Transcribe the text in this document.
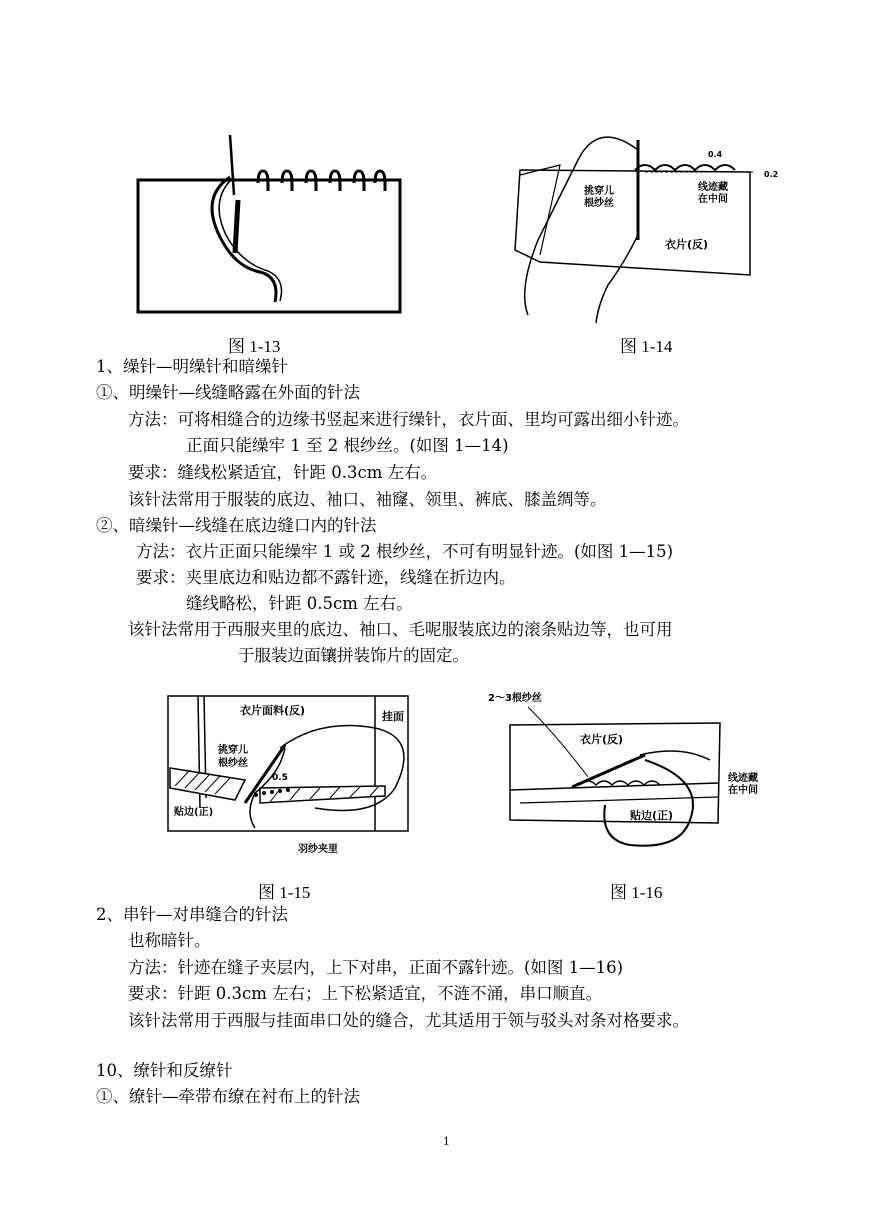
图 1-13
0.4
0.2
挑穿儿
根纱丝
线迹藏
在中间
衣片(反)
图 1-14
1、缲针—明缲针和暗缲针
①、明缲针—线缝略露在外面的针法
方法：可将相缝合的边缘书竖起来进行缲针，衣片面、里均可露出细小针迹。
正面只能缲牢 1 至 2 根纱丝。(如图 1—14)
要求：缝线松紧适宜，针距 0.3cm 左右。
该针法常用于服装的底边、袖口、袖窿、领里、裤底、膝盖绸等。
②、暗缲针—线缝在底边缝口内的针法
方法：衣片正面只能缲牢 1 或 2 根纱丝，不可有明显针迹。(如图 1—15)
要求：夹里底边和贴边都不露针迹，线缝在折边内。
缝线略松，针距 0.5cm 左右。
该针法常用于西服夹里的底边、袖口、毛呢服装底边的滚条贴边等，也可用
于服装边面镶拼装饰片的固定。
衣片面料(反)	挂面
挑穿儿
根纱丝
0.5
贴边(正)
羽纱夹里
图 1-15
2～3根纱丝
衣片(反)
线迹藏
在中间
贴边(正)
图 1-16
2、串针—对串缝合的针法
也称暗针。
方法：针迹在缝子夹层内，上下对串，正面不露针迹。(如图 1—16)
要求：针距 0.3cm 左右；上下松紧适宜，不涟不涌，串口顺直。
该针法常用于西服与挂面串口处的缝合，尤其适用于领与驳头对条对格要求。
10、缭针和反缭针
①、缭针—牵带布缭在衬布上的针法
1
